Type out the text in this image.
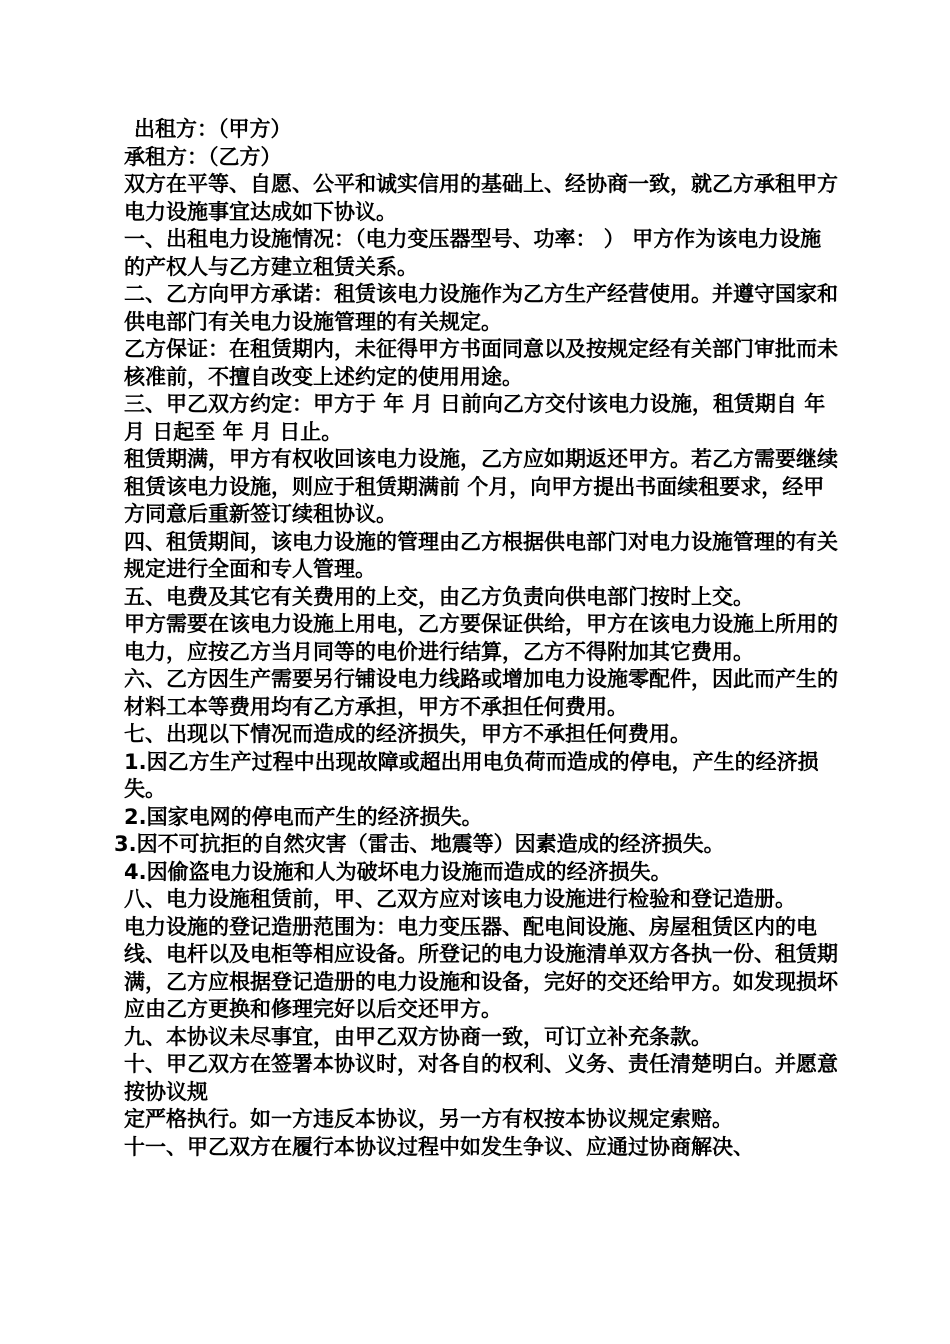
出租方：（甲方）

承租方：（乙方）

双方在平等、自愿、公平和诚实信用的基础上、经协商一致，就乙方承租甲方电力设施事宜达成如下协议。

一、出租电力设施情况：（电力变压器型号、功率： ） 甲方作为该电力设施的产权人与乙方建立租赁关系。

二、乙方向甲方承诺：租赁该电力设施作为乙方生产经营使用。并遵守国家和供电部门有关电力设施管理的有关规定。

乙方保证：在租赁期内，未征得甲方书面同意以及按规定经有关部门审批而未核准前，不擅自改变上述约定的使用用途。

三、甲乙双方约定：甲方于 年 月 日前向乙方交付该电力设施，租赁期自 年 月 日起至 年 月 日止。

租赁期满，甲方有权收回该电力设施，乙方应如期返还甲方。若乙方需要继续租赁该电力设施，则应于租赁期满前 个月，向甲方提出书面续租要求，经甲方同意后重新签订续租协议。

四、租赁期间，该电力设施的管理由乙方根据供电部门对电力设施管理的有关规定进行全面和专人管理。

五、电费及其它有关费用的上交，由乙方负责向供电部门按时上交。

甲方需要在该电力设施上用电，乙方要保证供给，甲方在该电力设施上所用的电力，应按乙方当月同等的电价进行结算，乙方不得附加其它费用。

六、乙方因生产需要另行铺设电力线路或增加电力设施零配件，因此而产生的材料工本等费用均有乙方承担，甲方不承担任何费用。

七、出现以下情况而造成的经济损失，甲方不承担任何费用。

1.因乙方生产过程中出现故障或超出用电负荷而造成的停电，产生的经济损失。

2.国家电网的停电而产生的经济损失。

3.因不可抗拒的自然灾害（雷击、地震等）因素造成的经济损失。

4.因偷盗电力设施和人为破坏电力设施而造成的经济损失。

八、电力设施租赁前，甲、乙双方应对该电力设施进行检验和登记造册。

电力设施的登记造册范围为：电力变压器、配电间设施、房屋租赁区内的电线、电杆以及电柜等相应设备。所登记的电力设施清单双方各执一份、租赁期满，乙方应根据登记造册的电力设施和设备，完好的交还给甲方。如发现损坏应由乙方更换和修理完好以后交还甲方。

九、本协议未尽事宜，由甲乙双方协商一致，可订立补充条款。

十、甲乙双方在签署本协议时，对各自的权利、义务、责任清楚明白。并愿意按协议规

定严格执行。如一方违反本协议，另一方有权按本协议规定索赔。

十一、甲乙双方在履行本协议过程中如发生争议、应通过协商解决、
